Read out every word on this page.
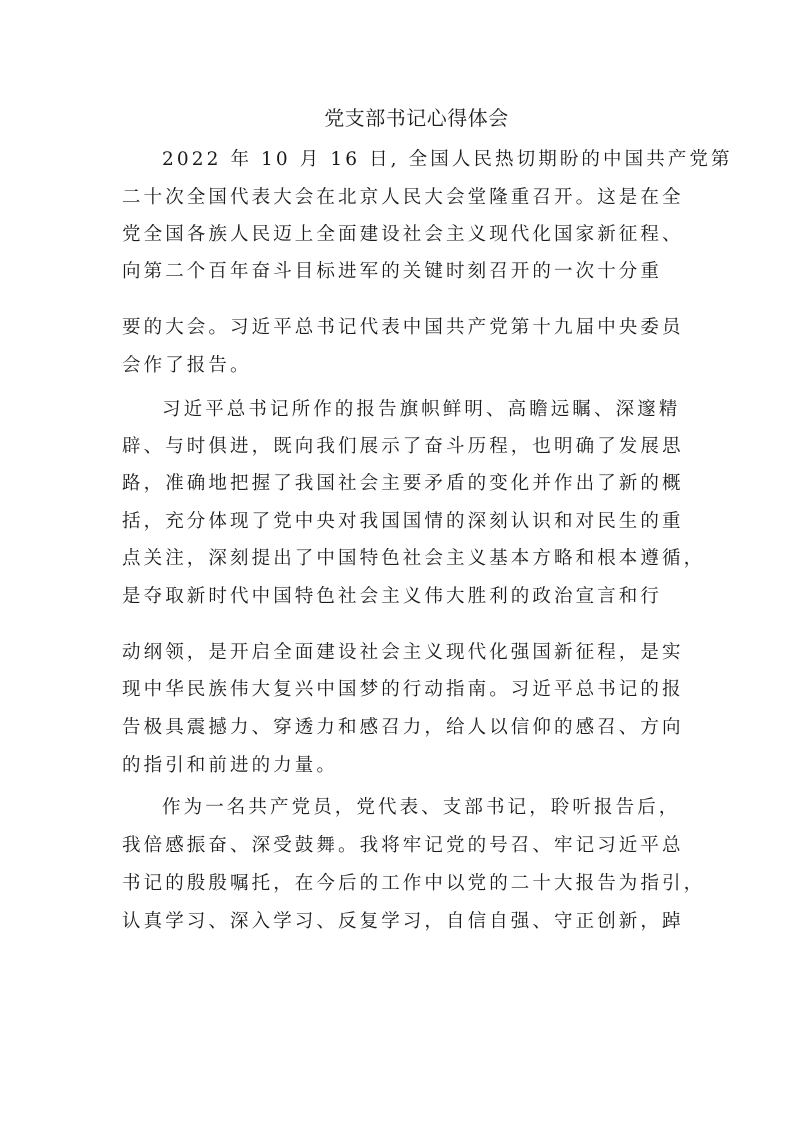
党支部书记心得体会
2022 年 10 月 16 日, 全国人民热切期盼的中国共产党第
二十次全国代表大会在北京人民大会堂隆重召开。这是在全
党全国各族人民迈上全面建设社会主义现代化国家新征程、
向第二个百年奋斗目标进军的关键时刻召开的一次十分重
要的大会。习近平总书记代表中国共产党第十九届中央委员
会作了报告。
习近平总书记所作的报告旗帜鲜明、高瞻远瞩、深邃精
辟、与时俱进，既向我们展示了奋斗历程，也明确了发展思
路，准确地把握了我国社会主要矛盾的变化并作出了新的概
括，充分体现了党中央对我国国情的深刻认识和对民生的重
点关注，深刻提出了中国特色社会主义基本方略和根本遵循，
是夺取新时代中国特色社会主义伟大胜利的政治宣言和行
动纲领，是开启全面建设社会主义现代化强国新征程，是实
现中华民族伟大复兴中国梦的行动指南。习近平总书记的报
告极具震撼力、穿透力和感召力，给人以信仰的感召、方向
的指引和前进的力量。
作为一名共产党员，党代表、支部书记，聆听报告后，
我倍感振奋、深受鼓舞。我将牢记党的号召、牢记习近平总
书记的殷殷嘱托，在今后的工作中以党的二十大报告为指引，
认真学习、深入学习、反复学习，自信自强、守正创新，踔
